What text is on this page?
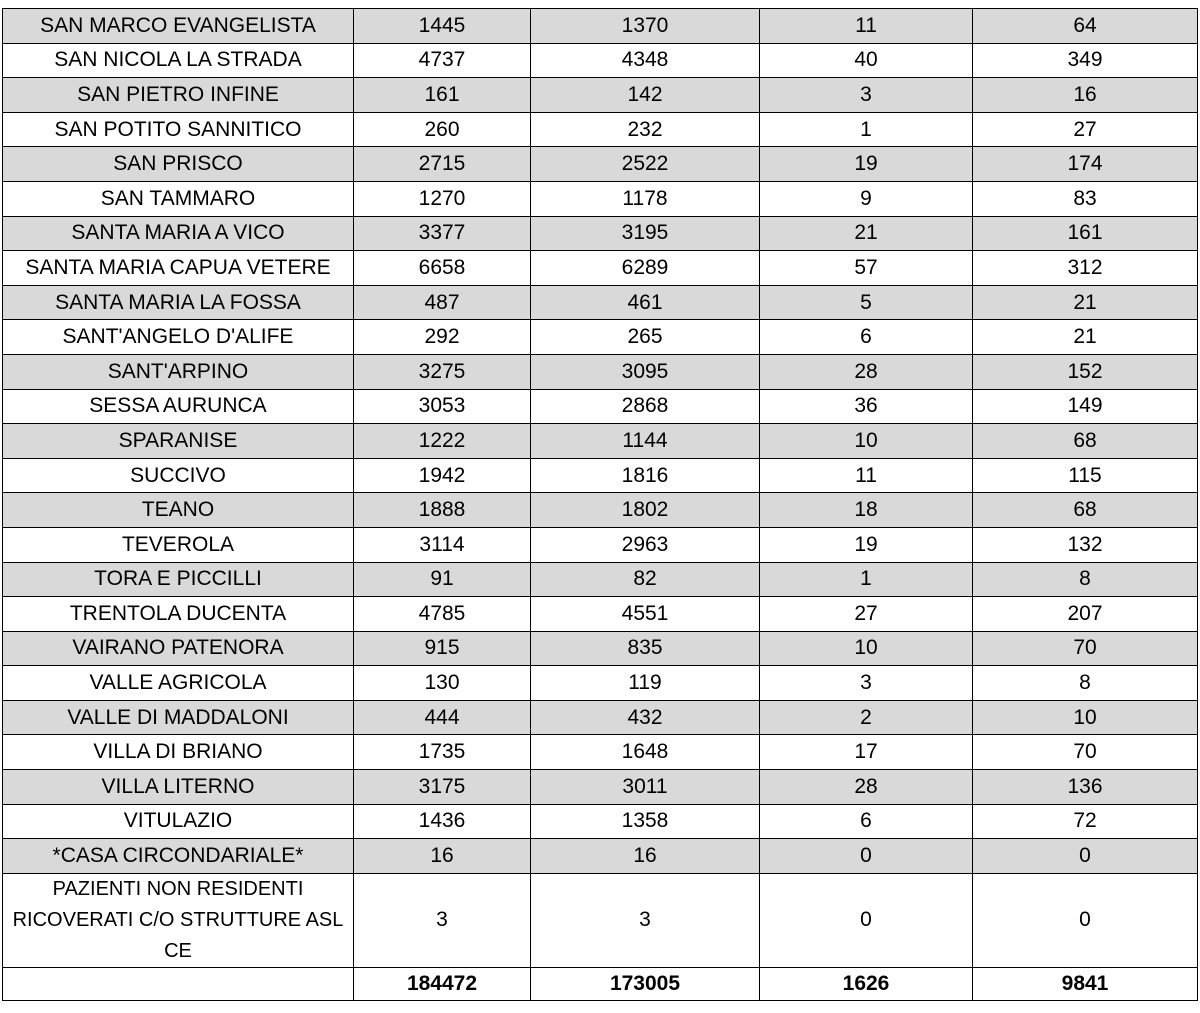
SAN MARCO EVANGELISTA	1445	1370	11	64
SAN NICOLA LA STRADA	4737	4348	40	349
SAN PIETRO INFINE	161	142	3	16
SAN POTITO SANNITICO	260	232	1	27
SAN PRISCO	2715	2522	19	174
SAN TAMMARO	1270	1178	9	83
SANTA MARIA A VICO	3377	3195	21	161
SANTA MARIA CAPUA VETERE	6658	6289	57	312
SANTA MARIA LA FOSSA	487	461	5	21
SANT'ANGELO D'ALIFE	292	265	6	21
SANT'ARPINO	3275	3095	28	152
SESSA AURUNCA	3053	2868	36	149
SPARANISE	1222	1144	10	68
SUCCIVO	1942	1816	11	115
TEANO	1888	1802	18	68
TEVEROLA	3114	2963	19	132
TORA E PICCILLI	91	82	1	8
TRENTOLA DUCENTA	4785	4551	27	207
VAIRANO PATENORA	915	835	10	70
VALLE AGRICOLA	130	119	3	8
VALLE DI MADDALONI	444	432	2	10
VILLA DI BRIANO	1735	1648	17	70
VILLA LITERNO	3175	3011	28	136
VITULAZIO	1436	1358	6	72
*CASA CIRCONDARIALE*	16	16	0	0
PAZIENTI NON RESIDENTI RICOVERATI C/O STRUTTURE ASL CE	3	3	0	0
	184472	173005	1626	9841
